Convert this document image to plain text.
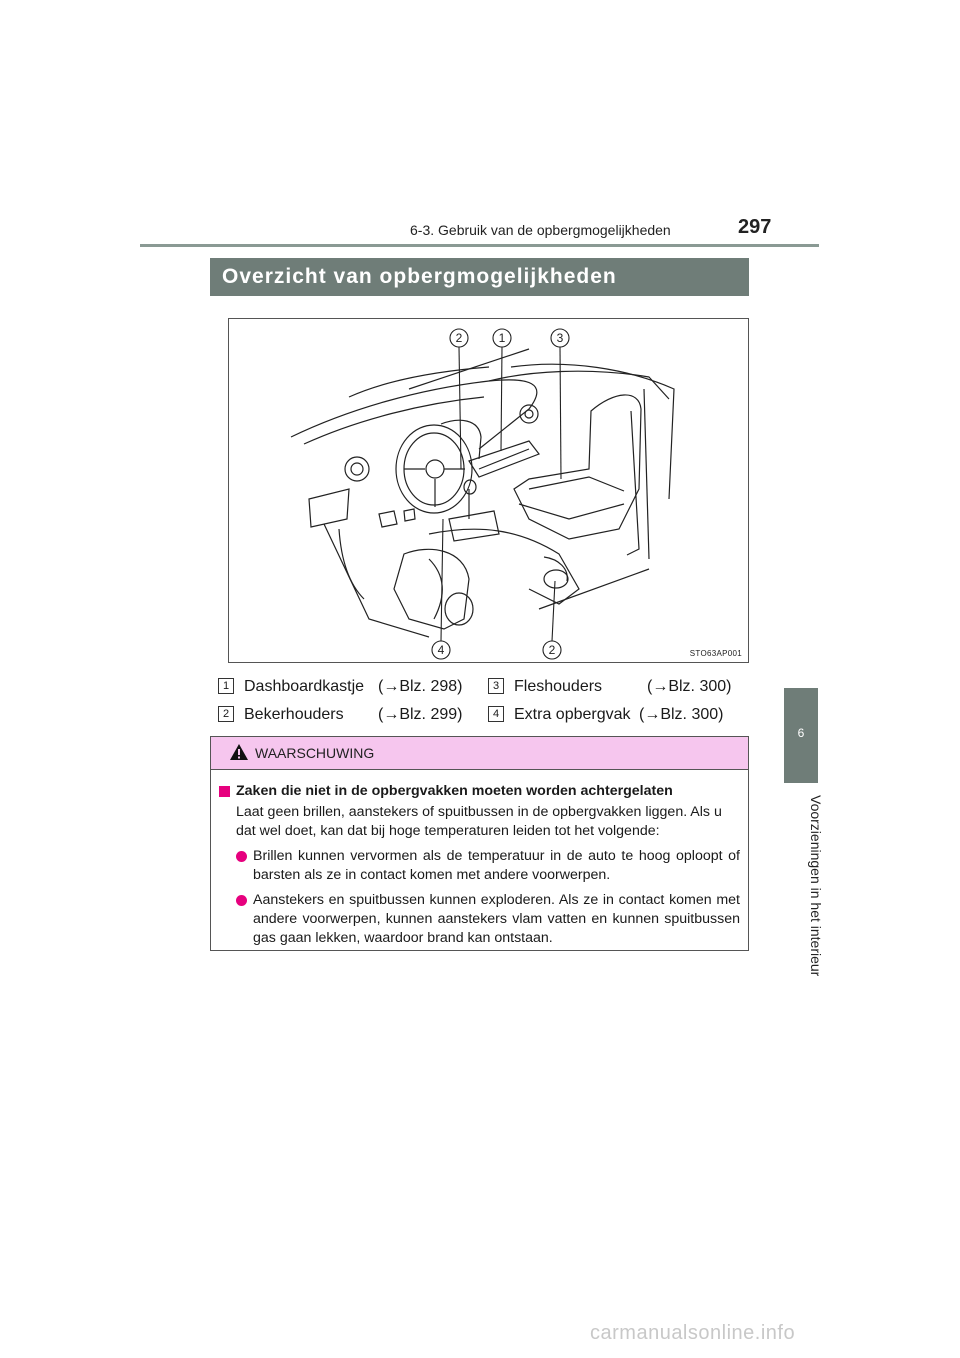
6-3. Gebruik van de opbergmogelijkheden	297
6
Voorzieningen in het interieur
Overzicht van opbergmogelijkheden
2	1	3
4	2	STO63AP001
1 Dashboardkastje (→Blz. 298)
2 Bekerhouders (→Blz. 299)
3 Fleshouders	(→Blz. 300)
4 Extra opbergvak (→Blz. 300)
WAARSCHUWING
Zaken die niet in de opbergvakken moeten worden achtergelaten
Laat geen brillen, aanstekers of spuitbussen in de opbergvakken liggen. Als u dat wel doet, kan dat bij hoge temperaturen leiden tot het volgende:
Brillen kunnen vervormen als de temperatuur in de auto te hoog oploopt of barsten als ze in contact komen met andere voorwerpen.
Aanstekers en spuitbussen kunnen exploderen. Als ze in contact komen met andere voorwerpen, kunnen aanstekers vlam vatten en kunnen spuitbussen gas gaan lekken, waardoor brand kan ontstaan.
carmanualsonline.info
